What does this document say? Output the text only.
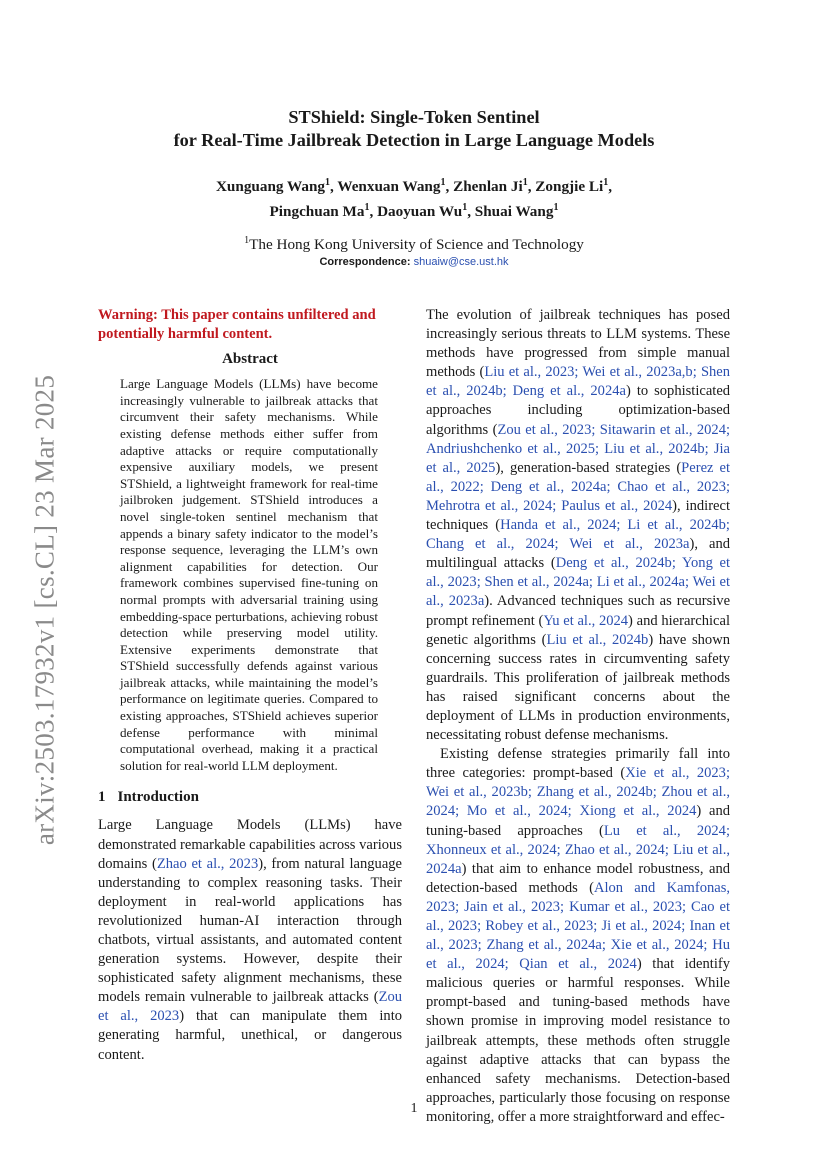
arXiv:2503.17932v1 [cs.CL] 23 Mar 2025
STShield: Single-Token Sentinel
for Real-Time Jailbreak Detection in Large Language Models
Xunguang Wang$^1$, Wenxuan Wang$^1$, Zhenlan Ji$^1$, Zongjie Li$^1$,
Pingchuan Ma$^1$, Daoyuan Wu$^1$, Shuai Wang$^1$
$^1$The Hong Kong University of Science and Technology
Correspondence: shuaiw@cse.ust.hk

Warning: This paper contains unfiltered and potentially harmful content.

Abstract

Large Language Models (LLMs) have become increasingly vulnerable to jailbreak attacks that circumvent their safety mechanisms. While existing defense methods either suffer from adaptive attacks or require computationally expensive auxiliary models, we present STShield, a lightweight framework for real-time jailbroken judgement. STShield introduces a novel single-token sentinel mechanism that appends a binary safety indicator to the model’s response sequence, leveraging the LLM’s own alignment capabilities for detection. Our framework combines supervised fine-tuning on normal prompts with adversarial training using embedding-space perturbations, achieving robust detection while preserving model utility. Extensive experiments demonstrate that STShield successfully defends against various jailbreak attacks, while maintaining the model’s performance on legitimate queries. Compared to existing approaches, STShield achieves superior defense performance with minimal computational overhead, making it a practical solution for real-world LLM deployment.

1 Introduction

Large Language Models (LLMs) have demonstrated remarkable capabilities across various domains (Zhao et al., 2023), from natural language understanding to complex reasoning tasks. Their deployment in real-world applications has revolutionized human-AI interaction through chatbots, virtual assistants, and automated content generation systems. However, despite their sophisticated safety alignment mechanisms, these models remain vulnerable to jailbreak attacks (Zou et al., 2023) that can manipulate them into generating harmful, unethical, or dangerous content.

The evolution of jailbreak techniques has posed increasingly serious threats to LLM systems. These methods have progressed from simple manual methods (Liu et al., 2023; Wei et al., 2023a,b; Shen et al., 2024b; Deng et al., 2024a) to sophisticated approaches including optimization-based algorithms (Zou et al., 2023; Sitawarin et al., 2024; Andriushchenko et al., 2025; Liu et al., 2024b; Jia et al., 2025), generation-based strategies (Perez et al., 2022; Deng et al., 2024a; Chao et al., 2023; Mehrotra et al., 2024; Paulus et al., 2024), indirect techniques (Handa et al., 2024; Li et al., 2024b; Chang et al., 2024; Wei et al., 2023a), and multilingual attacks (Deng et al., 2024b; Yong et al., 2023; Shen et al., 2024a; Li et al., 2024a; Wei et al., 2023a). Advanced techniques such as recursive prompt refinement (Yu et al., 2024) and hierarchical genetic algorithms (Liu et al., 2024b) have shown concerning success rates in circumventing safety guardrails. This proliferation of jailbreak methods has raised significant concerns about the deployment of LLMs in production environments, necessitating robust defense mechanisms.

Existing defense strategies primarily fall into three categories: prompt-based (Xie et al., 2023; Wei et al., 2023b; Zhang et al., 2024b; Zhou et al., 2024; Mo et al., 2024; Xiong et al., 2024) and tuning-based approaches (Lu et al., 2024; Xhonneux et al., 2024; Zhao et al., 2024; Liu et al., 2024a) that aim to enhance model robustness, and detection-based methods (Alon and Kamfonas, 2023; Jain et al., 2023; Kumar et al., 2023; Cao et al., 2023; Robey et al., 2023; Ji et al., 2024; Inan et al., 2023; Zhang et al., 2024a; Xie et al., 2024; Hu et al., 2024; Qian et al., 2024) that identify malicious queries or harmful responses. While prompt-based and tuning-based methods have shown promise in improving model resistance to jailbreak attempts, these methods often struggle against adaptive attacks that can bypass the enhanced safety mechanisms. Detection-based approaches, particularly those focusing on response monitoring, offer a more straightforward and effec-

1
